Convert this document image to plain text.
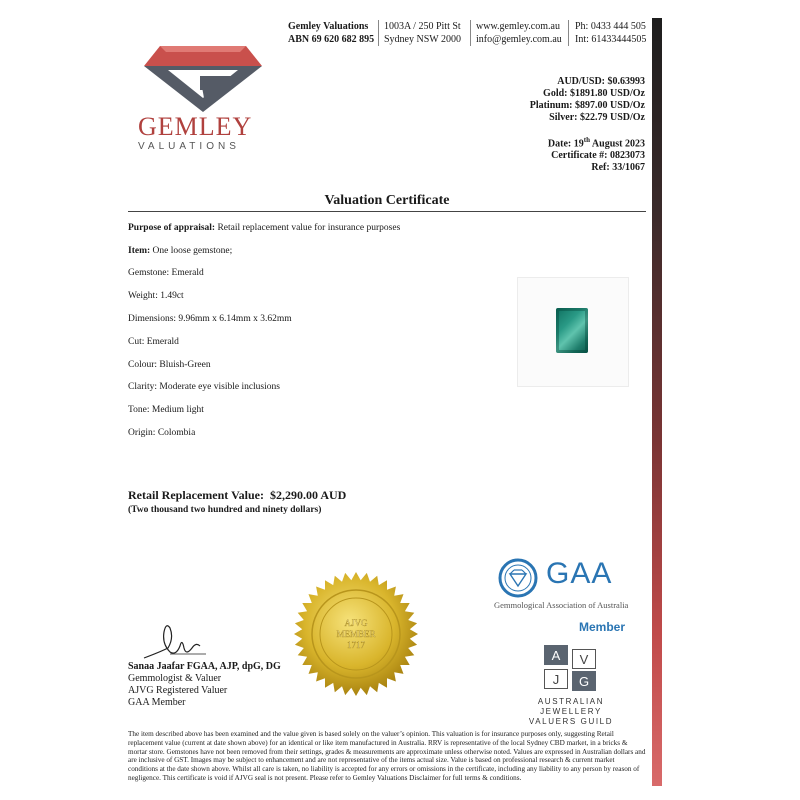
Gemley Valuations
ABN 69 620 682 895
1003A / 250 Pitt St
Sydney NSW 2000
www.gemley.com.au
info@gemley.com.au
Ph: 0433 444 505
Int: 61433444505
GEMLEY
VALUATIONS
AUD/USD: $0.63993
Gold: $1891.80 USD/Oz
Platinum: $897.00 USD/Oz
Silver: $22.79 USD/Oz
Date: 19th August 2023
Certificate #: 0823073
Ref: 33/1067
Valuation Certificate
Purpose of appraisal: Retail replacement value for insurance purposes
Item: One loose gemstone;
Gemstone: Emerald
Weight: 1.49ct
Dimensions: 9.96mm x 6.14mm x 3.62mm
Cut: Emerald
Colour: Bluish-Green
Clarity: Moderate eye visible inclusions
Tone: Medium light
Origin: Colombia
Retail Replacement Value: $2,290.00 AUD
(Two thousand two hundred and ninety dollars)
Sanaa Jaafar FGAA, AJP, dpG, DG
Gemmologist & Valuer
AJVG Registered Valuer
GAA Member
AJVG
MEMBER
1717
GAA
Gemmological Association of Australia
Member
A	V
J	G
AUSTRALIAN JEWELLERY
VALUERS GUILD
The item described above has been examined and the value given is based solely on the valuer’s opinion. This valuation is for insurance purposes only, suggesting Retail replacement value (current at date shown above) for an identical or like item manufactured in Australia. RRV is representative of the local Sydney CBD market, in a bricks & mortar store. Gemstones have not been removed from their settings, grades & measurements are approximate unless otherwise noted. Values are expressed in Australian dollars and are inclusive of GST. Images may be subject to enhancement and are not representative of the items actual size. Value is based on professional research & current market conditions at the date shown above. Whilst all care is taken, no liability is accepted for any errors or omissions in the certificate, including any liability to any person by reason of negligence. This certificate is void if AJVG seal is not present. Please refer to Gemley Valuations Disclaimer for full terms & conditions.
